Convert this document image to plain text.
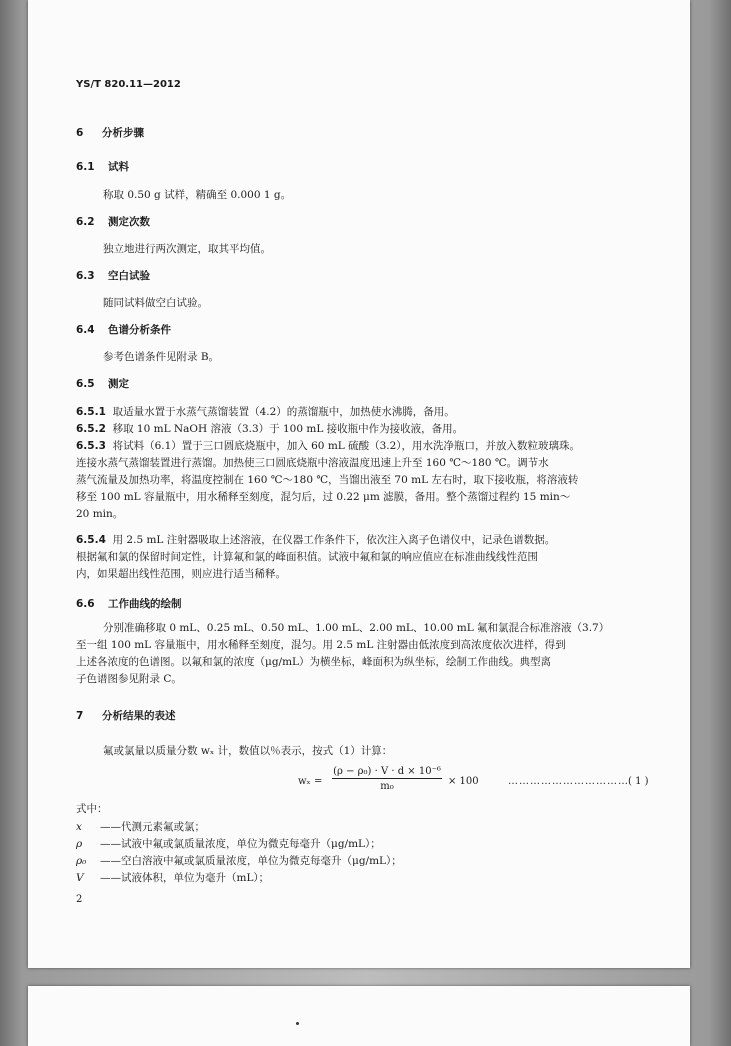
YS/T 820.11—2012
6 分析步骤
6.1 试料
称取 0.50 g 试样，精确至 0.000 1 g。
6.2 测定次数
独立地进行两次测定，取其平均值。
6.3 空白试验
随同试料做空白试验。
6.4 色谱分析条件
参考色谱条件见附录 B。
6.5 测定
6.5.1 取适量水置于水蒸气蒸馏装置（4.2）的蒸馏瓶中，加热使水沸腾，备用。
6.5.2 移取 10 mL NaOH 溶液（3.3）于 100 mL 接收瓶中作为接收液，备用。
6.5.3 将试料（6.1）置于三口圆底烧瓶中，加入 60 mL 硫酸（3.2），用水洗净瓶口，并放入数粒玻璃珠。
连接水蒸气蒸馏装置进行蒸馏。加热使三口圆底烧瓶中溶液温度迅速上升至 160 ℃～180 ℃。调节水
蒸气流量及加热功率，将温度控制在 160 ℃～180 ℃，当馏出液至 70 mL 左右时，取下接收瓶，将溶液转
移至 100 mL 容量瓶中，用水稀释至刻度，混匀后，过 0.22 μm 滤膜，备用。整个蒸馏过程约 15 min～
20 min。
6.5.4 用 2.5 mL 注射器吸取上述溶液，在仪器工作条件下，依次注入离子色谱仪中，记录色谱数据。
根据氟和氯的保留时间定性，计算氟和氯的峰面积值。试液中氟和氯的响应值应在标准曲线线性范围
内，如果超出线性范围，则应进行适当稀释。
6.6 工作曲线的绘制
分别准确移取 0 mL、0.25 mL、0.50 mL、1.00 mL、2.00 mL、10.00 mL 氟和氯混合标准溶液（3.7）
至一组 100 mL 容量瓶中，用水稀释至刻度，混匀。用 2.5 mL 注射器由低浓度到高浓度依次进样，得到
上述各浓度的色谱图。以氟和氯的浓度（μg/mL）为横坐标，峰面积为纵坐标，绘制工作曲线。典型离
子色谱图参见附录 C。
7 分析结果的表述
氟或氯量以质量分数 wₓ 计，数值以％表示，按式（1）计算：
$w_x = \frac{\text{(ρ − ρ₀) · V · d × 10⁻⁶}}{\text{m₀}} \times 100$	…………………………… ( 1 )
式中：
x ——代测元素氟或氯；
ρ ——试液中氟或氯质量浓度，单位为微克每毫升（μg/mL）；
ρ₀ ——空白溶液中氟或氯质量浓度，单位为微克每毫升（μg/mL）；
V ——试液体积，单位为毫升（mL）；
2
